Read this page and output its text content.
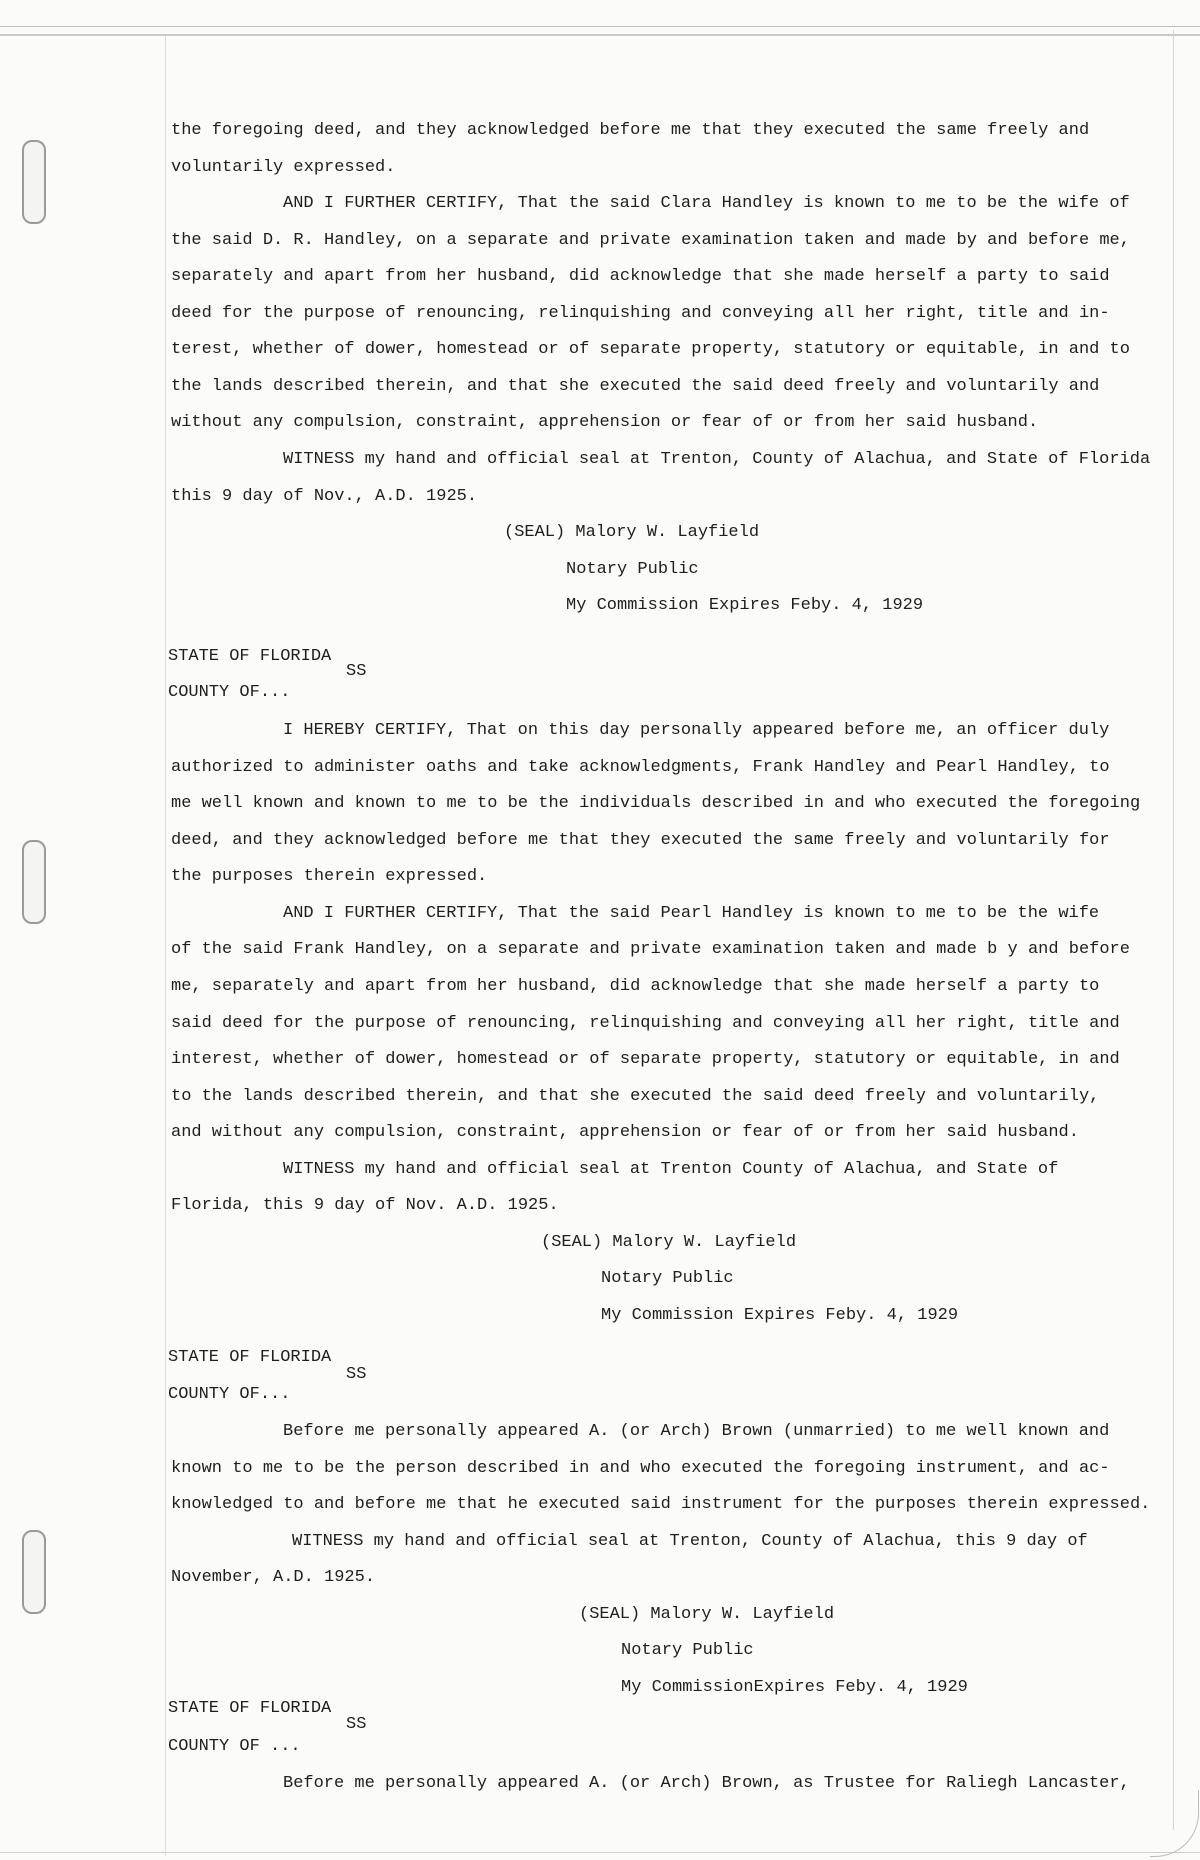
the foregoing deed, and they acknowledged before me that they executed the same freely and
voluntarily expressed.
AND I FURTHER CERTIFY, That the said Clara Handley is known to me to be the wife of
the said D. R. Handley, on a separate and private examination taken and made by and before me,
separately and apart from her husband, did acknowledge that she made herself a party to said
deed for the purpose of renouncing, relinquishing and conveying all her right, title and in-
terest, whether of dower, homestead or of separate property, statutory or equitable, in and to
the lands described therein, and that she executed the said deed freely and voluntarily and
without any compulsion, constraint, apprehension or fear of or from her said husband.
WITNESS my hand and official seal at Trenton, County of Alachua, and State of Florida
this 9 day of Nov., A.D. 1925.
(SEAL) Malory W. Layfield
Notary Public
My Commission Expires Feby. 4, 1929
STATE OF FLORIDA
SS
COUNTY OF...
I HEREBY CERTIFY, That on this day personally appeared before me, an officer duly
authorized to administer oaths and take acknowledgments, Frank Handley and Pearl Handley, to
me well known and known to me to be the individuals described in and who executed the foregoing
deed, and they acknowledged before me that they executed the same freely and voluntarily for
the purposes therein expressed.
AND I FURTHER CERTIFY, That the said Pearl Handley is known to me to be the wife
of the said Frank Handley, on a separate and private examination taken and made b y and before
me, separately and apart from her husband, did acknowledge that she made herself a party to
said deed for the purpose of renouncing, relinquishing and conveying all her right, title and
interest, whether of dower, homestead or of separate property, statutory or equitable, in and
to the lands described therein, and that she executed the said deed freely and voluntarily,
and without any compulsion, constraint, apprehension or fear of or from her said husband.
WITNESS my hand and official seal at Trenton County of Alachua, and State of
Florida, this 9 day of Nov. A.D. 1925.
(SEAL) Malory W. Layfield
Notary Public
My Commission Expires Feby. 4, 1929
STATE OF FLORIDA
SS
COUNTY OF...
Before me personally appeared A. (or Arch) Brown (unmarried) to me well known and
known to me to be the person described in and who executed the foregoing instrument, and ac-
knowledged to and before me that he executed said instrument for the purposes therein expressed.
WITNESS my hand and official seal at Trenton, County of Alachua, this 9 day of
November, A.D. 1925.
(SEAL) Malory W. Layfield
Notary Public
My CommissionExpires Feby. 4, 1929
STATE OF FLORIDA
SS
COUNTY OF ...
Before me personally appeared A. (or Arch) Brown, as Trustee for Raliegh Lancaster,
